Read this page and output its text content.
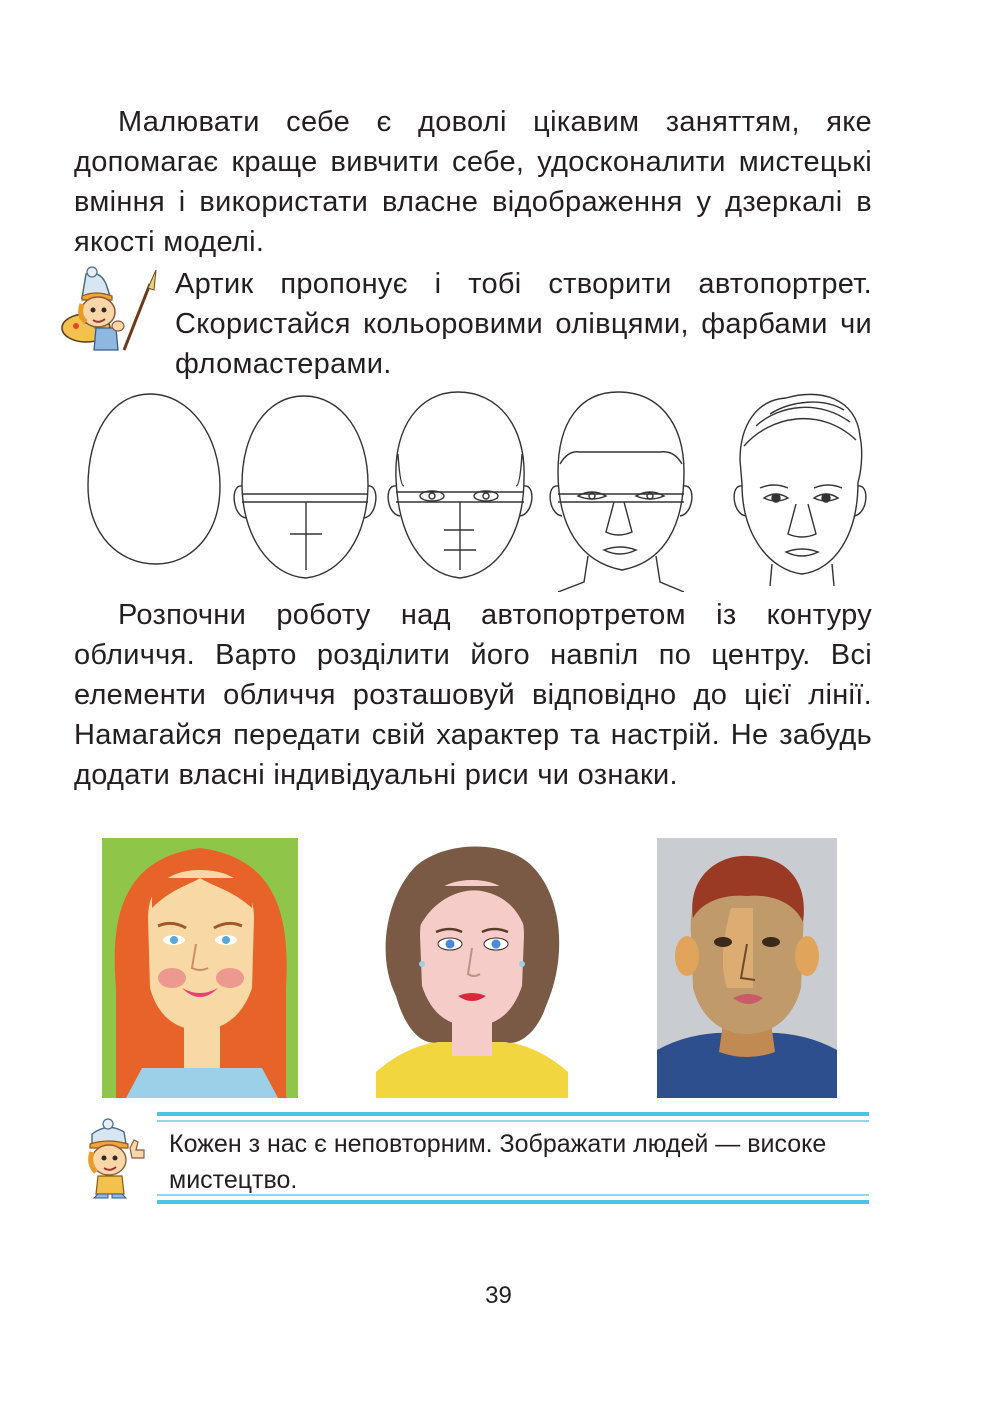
Малювати себе є доволі цікавим заняттям, яке допомагає краще вивчити себе, удосконалити мистецькі вміння і використати власне відображення у дзеркалі в якості моделі.

Артик пропонує і тобі створити автопортрет. Скористайся кольоровими олівцями, фарбами чи фломастерами.

Розпочни роботу над автопортретом із контуру обличчя. Варто розділити його навпіл по центру. Всі елементи обличчя розташовуй відповідно до цієї лінії. Намагайся передати свій характер та настрій. Не забудь додати власні індивідуальні риси чи ознаки.

Кожен з нас є неповторним. Зображати людей — високе мистецтво.

39
